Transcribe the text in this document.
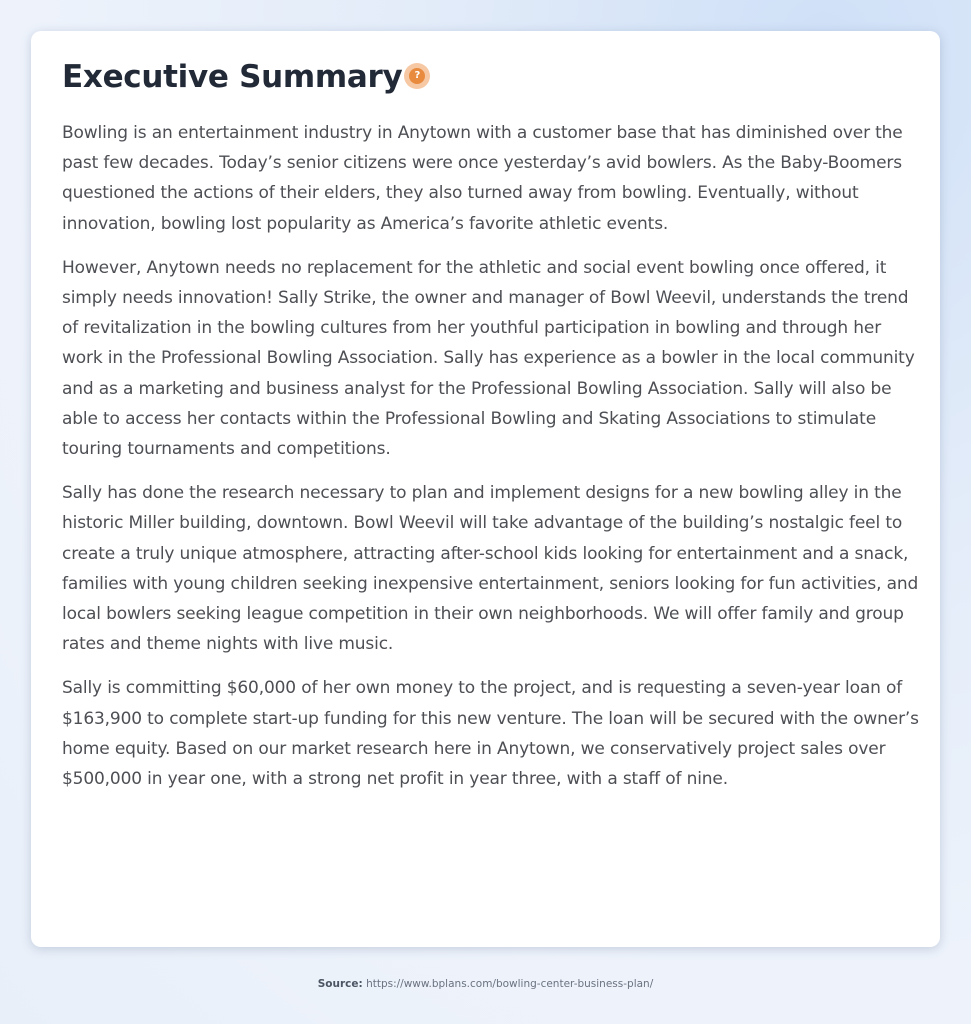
Executive Summary	?

Bowling is an entertainment industry in Anytown with a customer base that has diminished over the past few decades. Today’s senior citizens were once yesterday’s avid bowlers. As the Baby-Boomers questioned the actions of their elders, they also turned away from bowling. Eventually, without innovation, bowling lost popularity as America’s favorite athletic events.

However, Anytown needs no replacement for the athletic and social event bowling once offered, it simply needs innovation! Sally Strike, the owner and manager of Bowl Weevil, understands the trend of revitalization in the bowling cultures from her youthful participation in bowling and through her work in the Professional Bowling Association. Sally has experience as a bowler in the local community and as a marketing and business analyst for the Professional Bowling Association. Sally will also be able to access her contacts within the Professional Bowling and Skating Associations to stimulate touring tournaments and competitions.

Sally has done the research necessary to plan and implement designs for a new bowling alley in the historic Miller building, downtown. Bowl Weevil will take advantage of the building’s nostalgic feel to create a truly unique atmosphere, attracting after-school kids looking for entertainment and a snack, families with young children seeking inexpensive entertainment, seniors looking for fun activities, and local bowlers seeking league competition in their own neighborhoods. We will offer family and group rates and theme nights with live music.

Sally is committing $60,000 of her own money to the project, and is requesting a seven-year loan of $163,900 to complete start-up funding for this new venture. The loan will be secured with the owner’s home equity. Based on our market research here in Anytown, we conservatively project sales over $500,000 in year one, with a strong net profit in year three, with a staff of nine.

Source: https://www.bplans.com/bowling-center-business-plan/
